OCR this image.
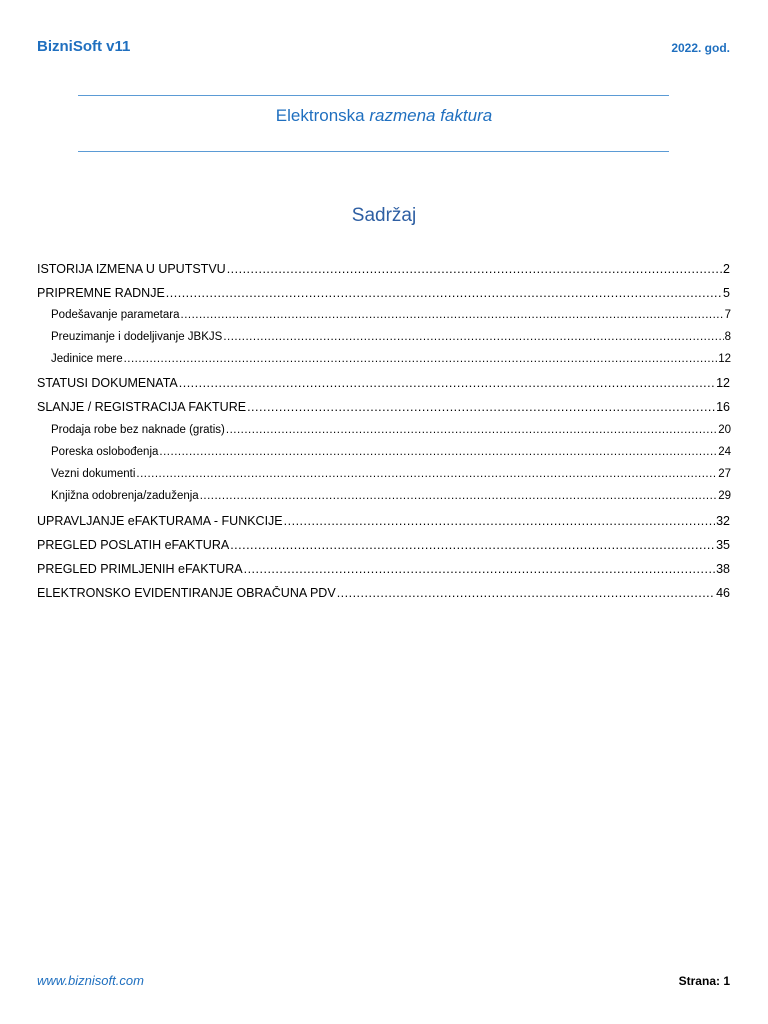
BizniSoft v11	2022. god.
Elektronska razmena faktura
Sadržaj
ISTORIJA IZMENA U UPUTSTVU .....	2
PRIPREMNE RADNJE .....	5
Podešavanje parametara .....	7
Preuzimanje i dodeljivanje JBKJS .....	8
Jedinice mere .....	12
STATUSI DOKUMENATA .....	12
SLANJE / REGISTRACIJA FAKTURE .....	16
Prodaja robe bez naknade (gratis) .....	20
Poreska oslobođenja .....	24
Vezni dokumenti .....	27
Knjižna odobrenja/zaduženja .....	29
UPRAVLJANJE eFAKTURAMA - FUNKCIJE .....	32
PREGLED POSLATIH eFAKTURA .....	35
PREGLED PRIMLJENIH eFAKTURA .....	38
ELEKTRONSKO EVIDENTIRANJE OBRAČUNA PDV .....	46
www.biznisoft.com	Strana: 1
